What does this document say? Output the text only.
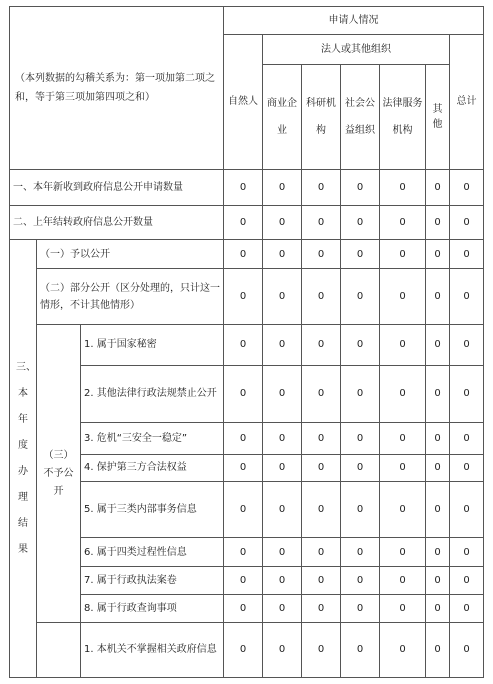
（本列数据的勾稽关系为：第一项加第二项之和，等于第三项加第四项之和）			申请人情况						
			自然人	法人或其他组织					总计
				商业企业	科研机构	社会公益组织	法律服务机构	其他	
一、本年新收到政府信息公开申请数量			0	0	0	0	0	0	0
二、上年结转政府信息公开数量			0	0	0	0	0	0	0
三、本年度办理结果	（一）予以公开		0	0	0	0	0	0	0
	（二）部分公开（区分处理的，只计这一情形，不计其他情形）		0	0	0	0	0	0	0
	（三）不予公开	1. 属于国家秘密	0	0	0	0	0	0	0
		2. 其他法律行政法规禁止公开	0	0	0	0	0	0	0
		3. 危机“三安全一稳定”	0	0	0	0	0	0	0
		4. 保护第三方合法权益	0	0	0	0	0	0	0
		5. 属于三类内部事务信息	0	0	0	0	0	0	0
		6. 属于四类过程性信息	0	0	0	0	0	0	0
		7. 属于行政执法案卷	0	0	0	0	0	0	0
		8. 属于行政查询事项	0	0	0	0	0	0	0
		1. 本机关不掌握相关政府信息	0	0	0	0	0	0	0
